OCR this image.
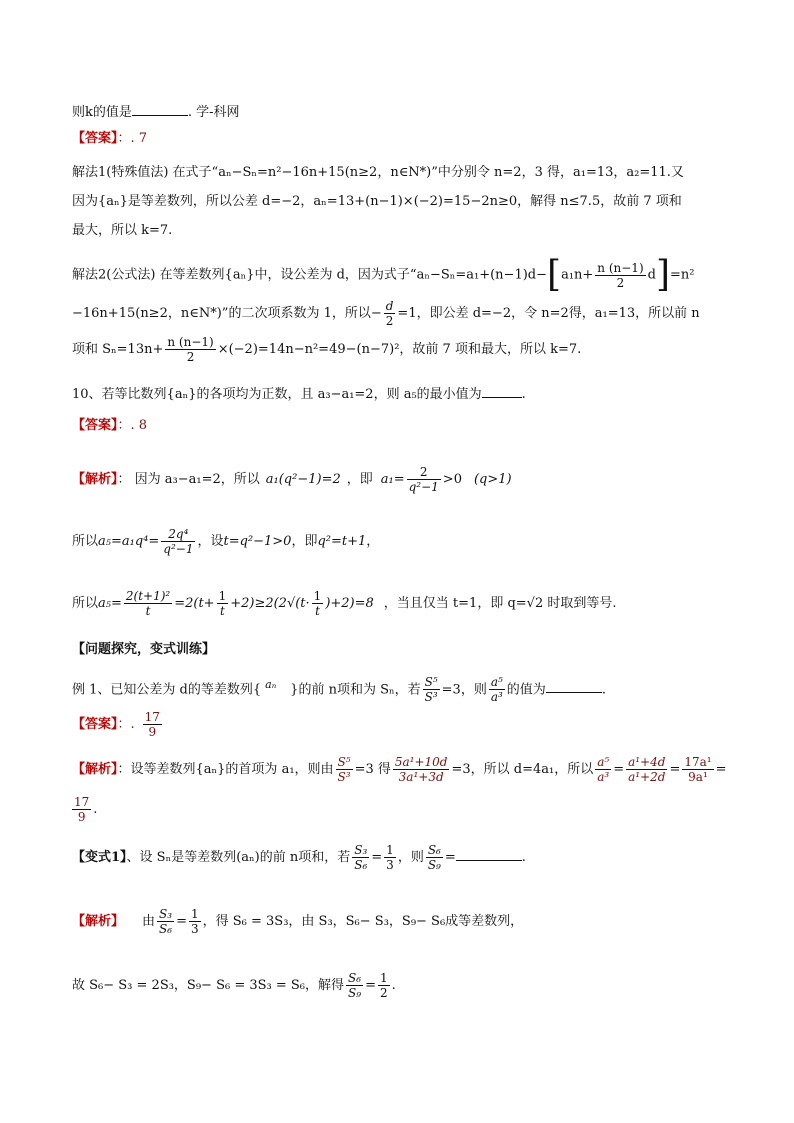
则k的值是	. 学-科网
【答案】：. 7
解法1(特殊值法) 在式子“aₙ−Sₙ=n²−16n+15(n≥2，n∈N*)”中分别令 n=2，3 得，a₁=13，a₂=11.又
因为{aₙ}是等差数列，所以公差 d=−2，aₙ=13+(n−1)×(−2)=15−2n≥0，解得 n≤7.5，故前 7 项和
最大，所以 k=7.
解法2(公式法) 在等差数列{aₙ}中，设公差为 d，因为式子“$a_n-S_n=a_1+(n-1)d-[a_1n+ \frac{n (n-1)}{2} d]=n^2$
−16n+15(n≥2，n∈N*)”的二次项系数为 1，所以− $\frac{d}{2} =1$，即公差 d=−2，令 n=2得，a₁=13，所以前 n
项和 $S_n=13n+ \frac{n (n-1)}{2} \times(-2)=14n-n^2=49-(n-7)^2$，故前 7 项和最大，所以 k=7.
10、若等比数列{aₙ}的各项均为正数，且 a₃−a₁=2，则 a₅的最小值为	.
【答案】：. 8
【解析】： 因为 a₃−a₁=2，所以 a₁(q²−1)=2 ，即 $a_1= \frac{2}{\text{q²−1}} >0$ (q>1)
所以$a_5=a_1q^4= \frac{\text{2q⁴}}{\text{q²−1}}$ ，设t=q²−1>0，即q²=t+1，
所以$a_5= \frac{\text{2(t+1)²}}{t} =2(t+ \frac{1}{t} +2)\ge 2(2√(t\cdot \frac{1}{t} )+2)=8$ ，当且仅当 t=1，即 q=√2 时取到等号.
【问题探究，变式训练】
例 1、已知公差为 d的等差数列{ $^{a_n}$ }的前 n项和为 Sₙ，若 $\frac{\text{S⁵}}{\text{S³}} =3$，则 $\frac{\text{a⁵}}{\text{a³}}$ 的值为	.
【答案】：. $\frac{17}{9}$
【解析】：设等差数列{aₙ}的首项为 a₁，则由 $\frac{\text{S⁵}}{\text{S³}} =3$ 得 $\frac{\text{5a¹+10d}}{\text{3a¹+3d}} =3$，所以 d=4a₁，所以 $\frac{\text{a⁵}}{\text{a³}} = \frac{\text{a¹+4d}}{\text{a¹+2d}} = \frac{\text{17a¹}}{\text{9a¹}}$ =
$\frac{17}{9}$ .
【变式1】、设 Sₙ是等差数列(aₙ)的前 n项和，若 $\frac{\text{S₃}}{\text{S₆}} = \frac{1}{3}$ ，则 $\frac{\text{S₆}}{\text{S₉}}$ =	.
【解析】 由 $\frac{\text{S₃}}{\text{S₆}} = \frac{1}{3}$ ，得 S₆ = 3S₃，由 S₃，S₆− S₃，S₉− S₆成等差数列，
故 S₆− S₃ = 2S₃，S₉− S₆ = 3S₃ = S₆，解得 $\frac{\text{S₆}}{\text{S₉}} = \frac{1}{2}$ .
